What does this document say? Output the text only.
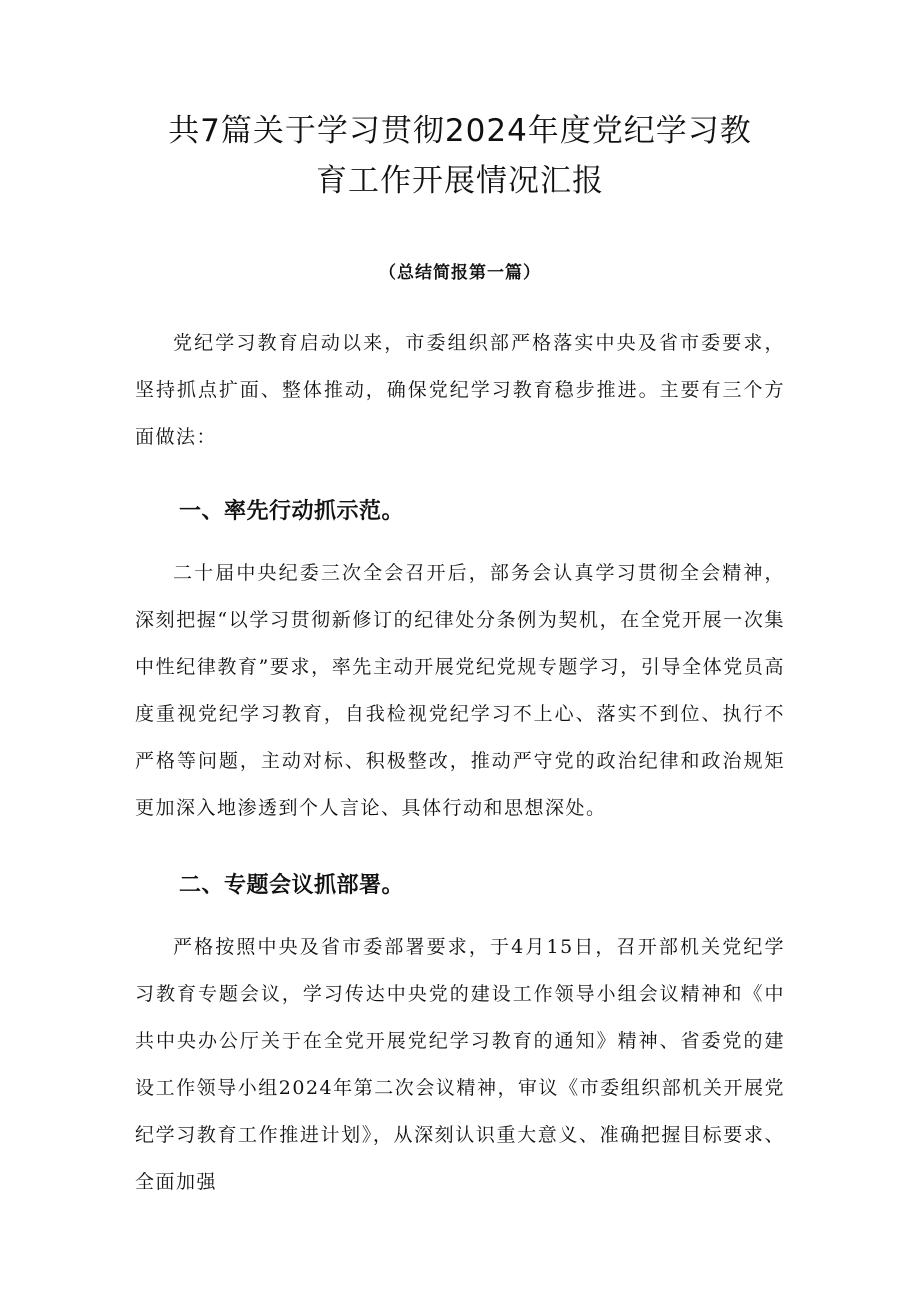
共7篇关于学习贯彻2024年度党纪学习教
育工作开展情况汇报
（总结简报第一篇）

党纪学习教育启动以来，市委组织部严格落实中央及省市委要求，坚持抓点扩面、整体推动，确保党纪学习教育稳步推进。主要有三个方面做法：

一、率先行动抓示范。

二十届中央纪委三次全会召开后，部务会认真学习贯彻全会精神，深刻把握“以学习贯彻新修订的纪律处分条例为契机，在全党开展一次集中性纪律教育”要求，率先主动开展党纪党规专题学习，引导全体党员高度重视党纪学习教育，自我检视党纪学习不上心、落实不到位、执行不严格等问题，主动对标、积极整改，推动严守党的政治纪律和政治规矩更加深入地渗透到个人言论、具体行动和思想深处。

二、专题会议抓部署。

严格按照中央及省市委部署要求，于4月15日，召开部机关党纪学习教育专题会议，学习传达中央党的建设工作领导小组会议精神和《中共中央办公厅关于在全党开展党纪学习教育的通知》精神、省委党的建设工作领导小组2024年第二次会议精神，审议《市委组织部机关开展党纪学习教育工作推进计划》，从深刻认识重大意义、准确把握目标要求、全面加强
